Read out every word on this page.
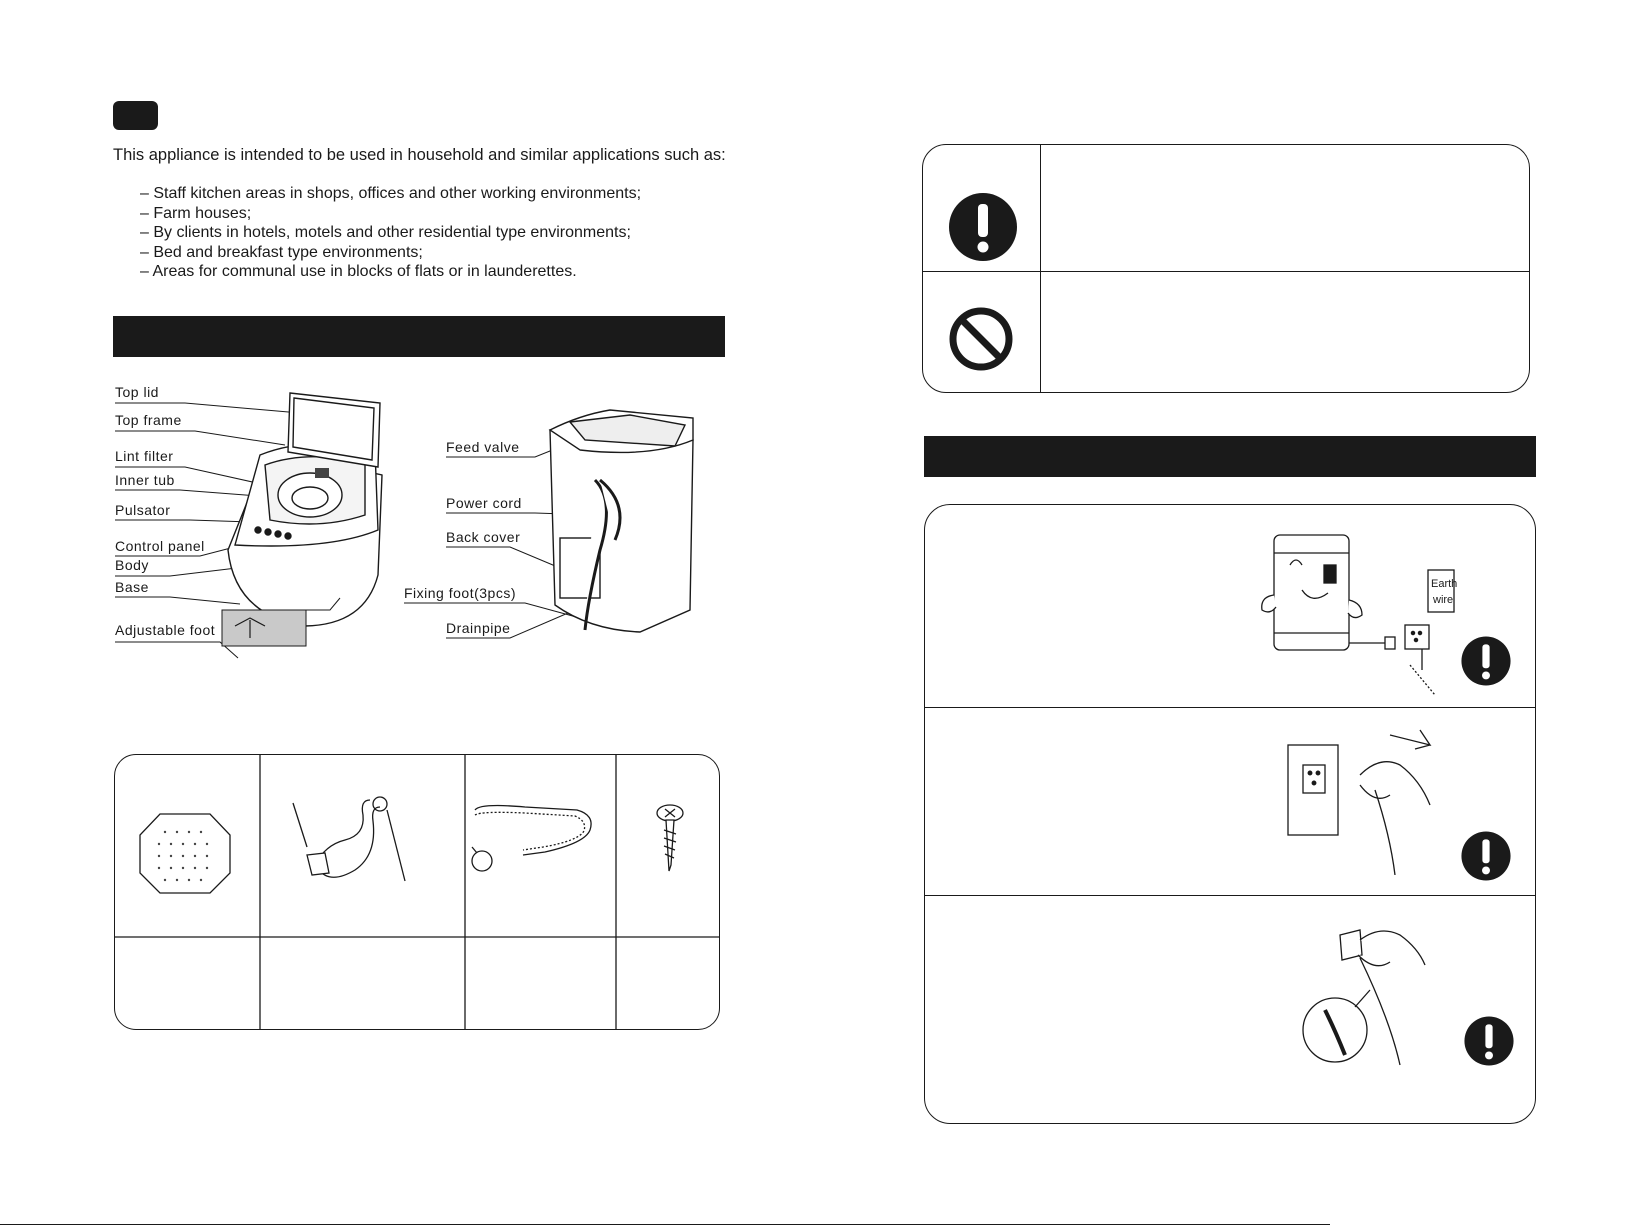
This appliance is intended to be used in household and similar applications such as:
– Staff kitchen areas in shops, offices and other working environments;
– Farm houses;
– By clients in hotels, motels and other residential type environments;
– Bed and breakfast type environments;
– Areas for communal use in blocks of flats or in launderettes.
Top lid
Top frame
Lint filter
Inner tub
Pulsator
Control panel
Body
Base
Adjustable foot
Feed valve
Power cord
Back cover
Fixing foot(3pcs)
Drainpipe
Earth
wire
